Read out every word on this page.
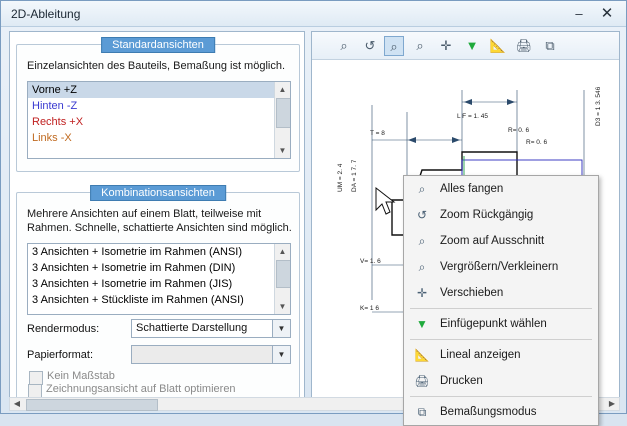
2D-Ableitung	–	✕
Standardansichten
Einzelansichten des Bauteils, Bemaßung ist möglich.
Vorne +Z
Hinten -Z
Rechts +X
Links -X
▲
▼
Kombinationsansichten
Mehrere Ansichten auf einem Blatt, teilweise mit
Rahmen. Schnelle, schattierte Ansichten sind möglich.
3 Ansichten + Isometrie im Rahmen (ANSI)
3 Ansichten + Isometrie im Rahmen (DIN)
3 Ansichten + Isometrie im Rahmen (JIS)
3 Ansichten + Stückliste im Rahmen (ANSI)
▲
▼
Rendermodus:	Schattierte Darstellung	▼
Papierformat:	▼
Kein Maßstab
Zeichnungsansicht auf Blatt optimieren
⌕	↺	⌕	⌕	✛	▼ 📐 🖨	⧉
L F = 1. 45
T = 8	R= 0. 6
R= 0. 6
D3 = 1 3. 546
DA = 1 7. 7
UM = 2. 4
V= 1. 6
K= 1 6
⌕	Alles fangen
↺ Zoom Rückgängig
⌕	Zoom auf Ausschnitt
⌕	Vergrößern/Verkleinern
✛ Verschieben
▼ Einfügepunkt wählen
📐 Lineal anzeigen
🖨 Drucken
⧉	Bemaßungsmodus
◀	▶
